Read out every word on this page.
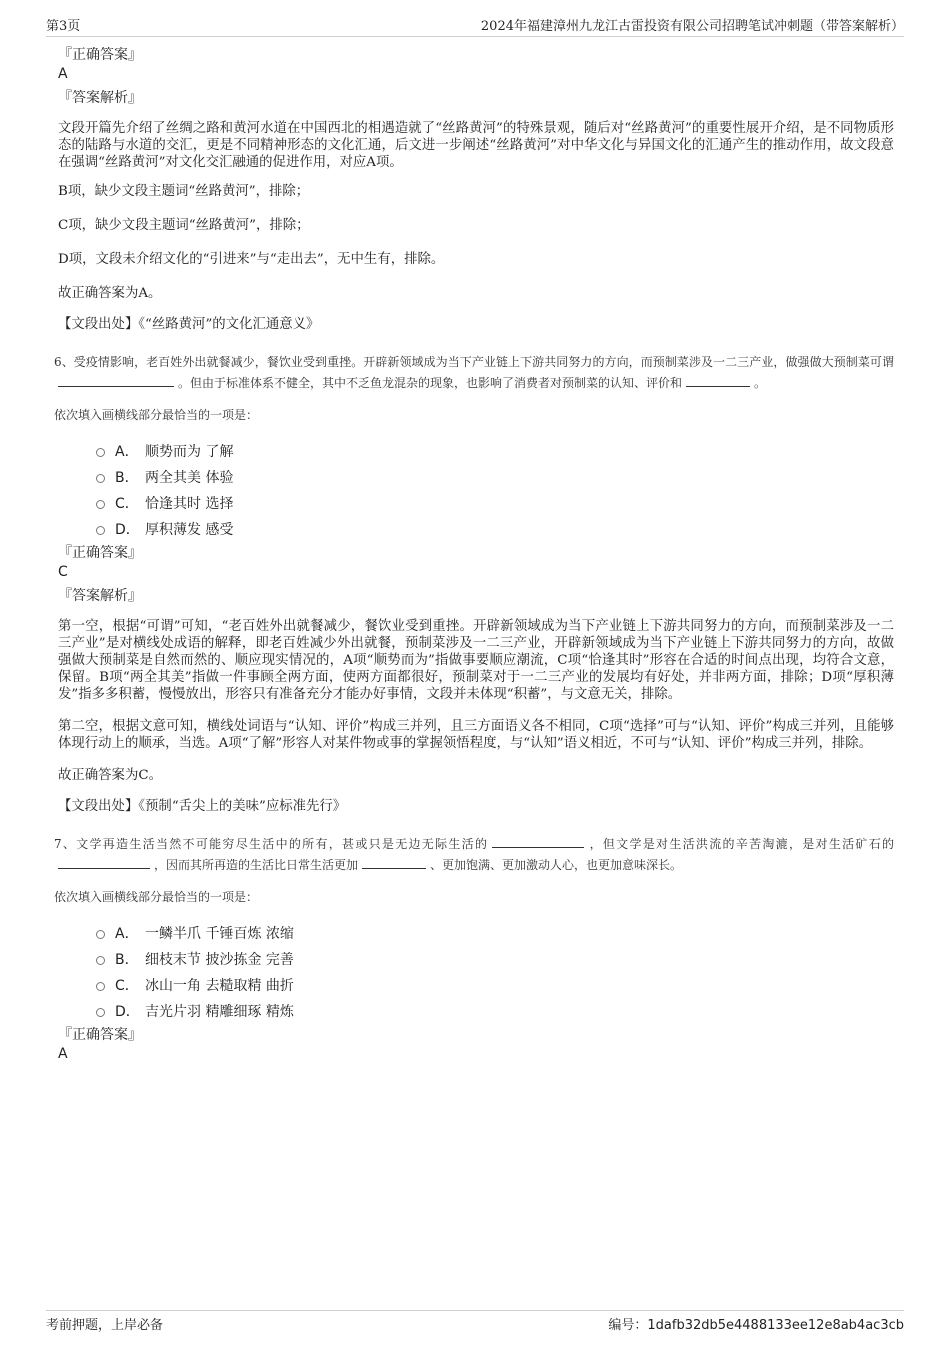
第3页	2024年福建漳州九龙江古雷投资有限公司招聘笔试冲刺题（带答案解析）

『正确答案』

A

『答案解析』

文段开篇先介绍了丝绸之路和黄河水道在中国西北的相遇造就了“丝路黄河”的特殊景观，随后对“丝路黄河”的重要性展开介绍，是不同物质形态的陆路与水道的交汇，更是不同精神形态的文化汇通，后文进一步阐述“丝路黄河”对中华文化与异国文化的汇通产生的推动作用，故文段意在强调“丝路黄河”对文化交汇融通的促进作用，对应A项。

B项，缺少文段主题词“丝路黄河”，排除；

C项，缺少文段主题词“丝路黄河”，排除；

D项，文段未介绍文化的“引进来”与“走出去”，无中生有，排除。

故正确答案为A。

【文段出处】《“丝路黄河”的文化汇通意义》

6、受疫情影响，老百姓外出就餐减少，餐饮业受到重挫。开辟新领域成为当下产业链上下游共同努力的方向，而预制菜涉及一二三产业，做强做大预制菜可谓。但由于标准体系不健全，其中不乏鱼龙混杂的现象，也影响了消费者对预制菜的认知、评价和	。

依次填入画横线部分最恰当的一项是：

A． 顺势而为 了解
B． 两全其美 体验
C． 恰逢其时 选择
D． 厚积薄发 感受

『正确答案』

C

『答案解析』

第一空，根据“可谓”可知，“老百姓外出就餐减少，餐饮业受到重挫。开辟新领域成为当下产业链上下游共同努力的方向，而预制菜涉及一二三产业”是对横线处成语的解释，即老百姓减少外出就餐，预制菜涉及一二三产业，开辟新领域成为当下产业链上下游共同努力的方向，故做强做大预制菜是自然而然的、顺应现实情况的，A项“顺势而为”指做事要顺应潮流，C项“恰逢其时”形容在合适的时间点出现，均符合文意，保留。B项“两全其美”指做一件事顾全两方面，使两方面都很好，预制菜对于一二三产业的发展均有好处，并非两方面，排除；D项“厚积薄发”指多多积蓄，慢慢放出，形容只有准备充分才能办好事情，文段并未体现“积蓄”，与文意无关，排除。

第二空，根据文意可知，横线处词语与“认知、评价”构成三并列，且三方面语义各不相同，C项“选择”可与“认知、评价”构成三并列，且能够体现行动上的顺承，当选。A项“了解”形容人对某件物或事的掌握领悟程度，与“认知”语义相近，不可与“认知、评价”构成三并列，排除。

故正确答案为C。

【文段出处】《预制“舌尖上的美味”应标准先行》

7、文学再造生活当然不可能穷尽生活中的所有，甚或只是无边无际生活的	，但文学是对生活洪流的辛苦淘漉，是对生活矿石的，因而其所再造的生活比日常生活更加	、更加饱满、更加激动人心，也更加意味深长。

依次填入画横线部分最恰当的一项是：

A． 一鳞半爪 千锤百炼 浓缩
B． 细枝末节 披沙拣金 完善
C． 冰山一角 去糙取精 曲折
D． 吉光片羽 精雕细琢 精炼

『正确答案』

A

考前押题，上岸必备	编号：1dafb32db5e4488133ee12e8ab4ac3cb
